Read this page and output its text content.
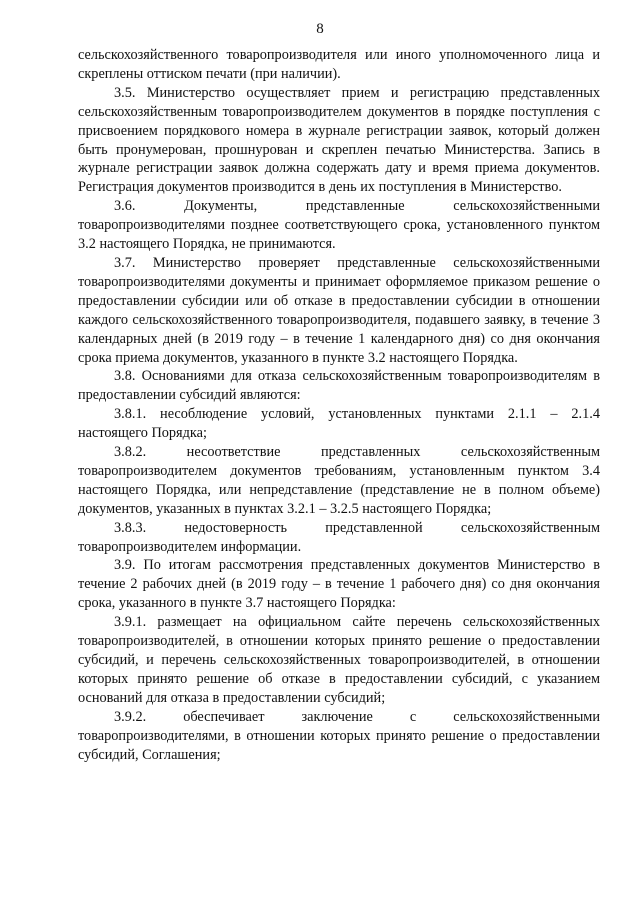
8

сельскохозяйственного товаропроизводителя или иного уполномоченного лица и скреплены оттиском печати (при наличии).

3.5. Министерство осуществляет прием и регистрацию представленных сельскохозяйственным товаропроизводителем документов в порядке поступления с присвоением порядкового номера в журнале регистрации заявок, который должен быть пронумерован, прошнурован и скреплен печатью Министерства. Запись в журнале регистрации заявок должна содержать дату и время приема документов. Регистрация документов производится в день их поступления в Министерство.

3.6. Документы, представленные сельскохозяйственными товаропроизводителями позднее соответствующего срока, установленного пунктом 3.2 настоящего Порядка, не принимаются.

3.7. Министерство проверяет представленные сельскохозяйственными товаропроизводителями документы и принимает оформляемое приказом решение о предоставлении субсидии или об отказе в предоставлении субсидии в отношении каждого сельскохозяйственного товаропроизводителя, подавшего заявку, в течение 3 календарных дней (в 2019 году – в течение 1 календарного дня) со дня окончания срока приема документов, указанного в пункте 3.2 настоящего Порядка.

3.8. Основаниями для отказа сельскохозяйственным товаропроизводителям в предоставлении субсидий являются:

3.8.1. несоблюдение условий, установленных пунктами 2.1.1 – 2.1.4 настоящего Порядка;

3.8.2. несоответствие представленных сельскохозяйственным товаропроизводителем документов требованиям, установленным пунктом 3.4 настоящего Порядка, или непредставление (представление не в полном объеме) документов, указанных в пунктах 3.2.1 – 3.2.5 настоящего Порядка;

3.8.3. недостоверность представленной сельскохозяйственным товаропроизводителем информации.

3.9. По итогам рассмотрения представленных документов Министерство в течение 2 рабочих дней (в 2019 году – в течение 1 рабочего дня) со дня окончания срока, указанного в пункте 3.7 настоящего Порядка:

3.9.1. размещает на официальном сайте перечень сельскохозяйственных товаропроизводителей, в отношении которых принято решение о предоставлении субсидий, и перечень сельскохозяйственных товаропроизводителей, в отношении которых принято решение об отказе в предоставлении субсидий, с указанием оснований для отказа в предоставлении субсидий;

3.9.2. обеспечивает заключение с сельскохозяйственными товаропроизводителями, в отношении которых принято решение о предоставлении субсидий, Соглашения;
